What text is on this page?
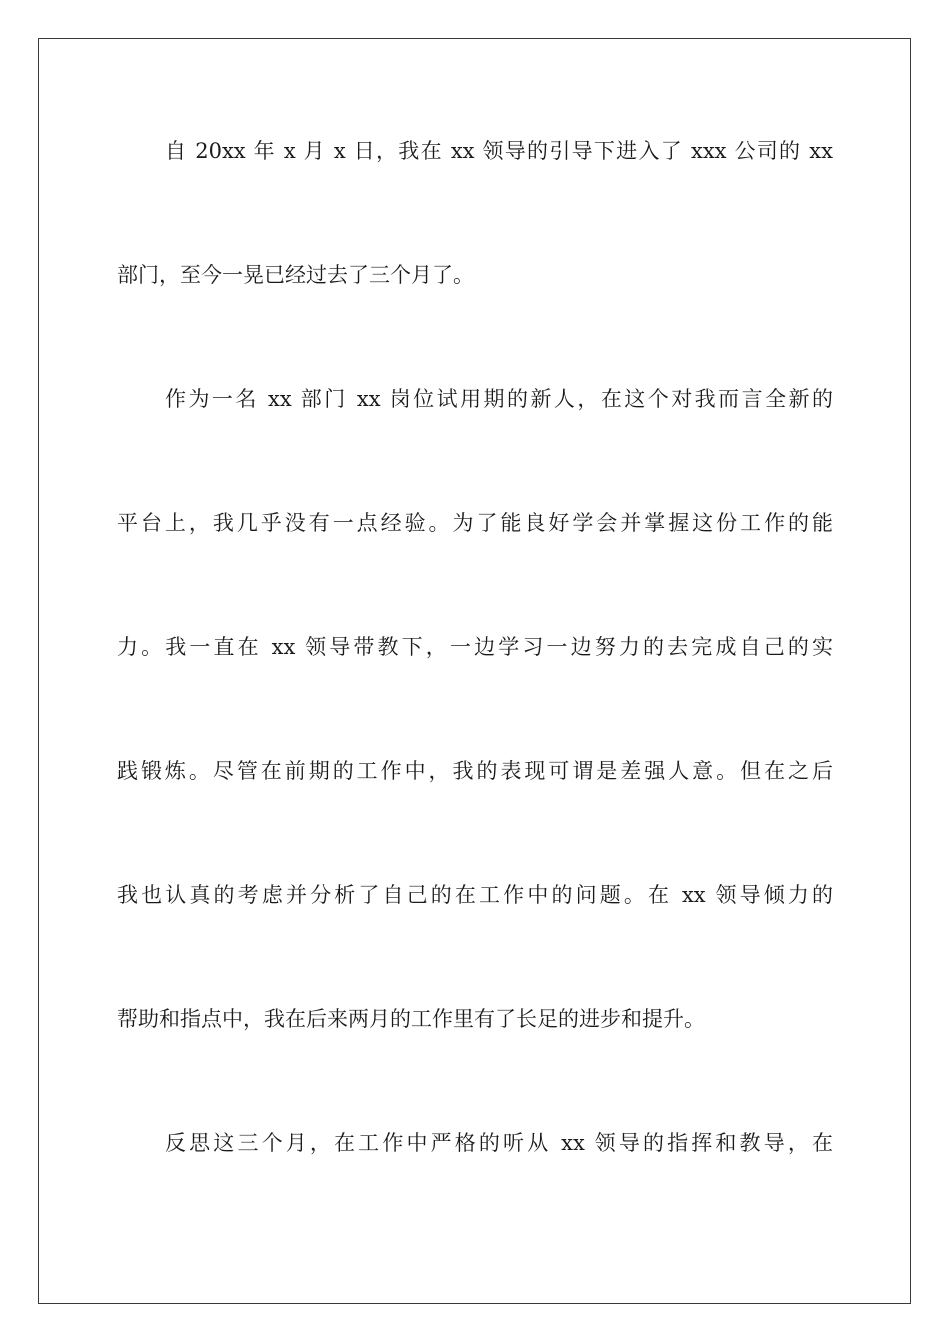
自 20xx 年 x 月 x 日，我在 xx 领导的引导下进入了 xxx 公司的 xx
部门，至今一晃已经过去了三个月了。
作为一名 xx 部门 xx 岗位试用期的新人，在这个对我而言全新的
平台上，我几乎没有一点经验。为了能良好学会并掌握这份工作的能
力。我一直在 xx 领导带教下，一边学习一边努力的去完成自己的实
践锻炼。尽管在前期的工作中，我的表现可谓是差强人意。但在之后
我也认真的考虑并分析了自己的在工作中的问题。在 xx 领导倾力的
帮助和指点中，我在后来两月的工作里有了长足的进步和提升。
反思这三个月，在工作中严格的听从 xx 领导的指挥和教导，在
